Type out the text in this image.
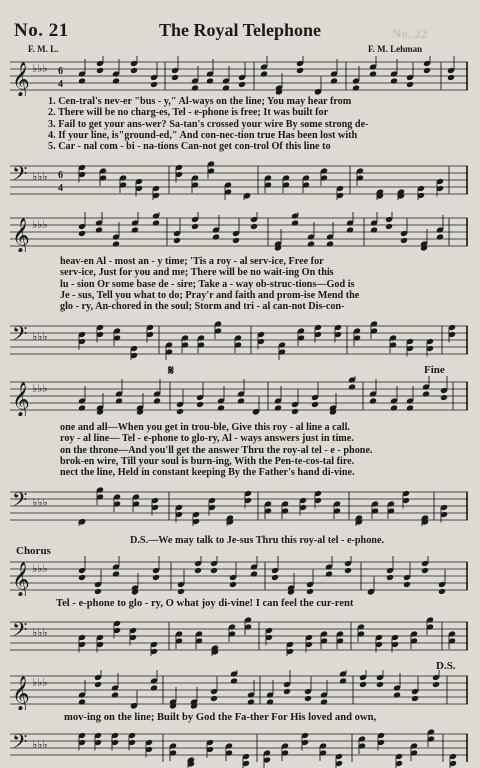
No. 21	The Royal Telephone	No. 22
F. M. L.	F. M. Lehman
𝄞 ♭♭♭ 6
4
1. Cen-tral's nev-er "bus - y," Al-ways on the line; You may hear from
2. There will be no charg-es, Tel - e-phone is free; It was built for
3. Fail to get your ans-wer? Sa-tan's crossed your wire By some strong de-
4. If your line, is"ground-ed," And con-nec-tion true Has been lost with
5. Car - nal com - bi - na-tions Can-not get con-trol Of this line to
𝄢 ♭♭♭ 6
4
𝄞 ♭♭♭
heav-en Al - most an - y time; 'Tis a roy - al serv-ice, Free for
serv-ice, Just for you and me; There will be no wait-ing On this
lu - sion Or some base de - sire; Take a - way ob-struc-tions—God is
Je - sus, Tell you what to do; Pray'r and faith and prom-ise Mend the
glo - ry, An-chored in the soul; Storm and tri - al can-not Dis-con-
𝄢 ♭♭♭
𝄋	Fine
𝄞 ♭♭♭
one and all—When you get in trou-ble, Give this roy - al line a call.
roy - al line— Tel - e-phone to glo-ry, Al - ways answers just in time.
on the throne—And you'll get the answer Thru the roy-al tel - e - phone.
brok-en wire, Till your soul is burn-ing, With the Pen-te-cos-tal fire.
nect the line, Held in constant keeping By the Father's hand di-vine.
𝄢 ♭♭♭
D.S.—We may talk to Je-sus Thru this roy-al tel - e-phone.
Chorus
𝄞 ♭♭♭
Tel - e-phone to glo - ry, O what joy di-vine! I can feel the cur-rent
𝄢 ♭♭♭
D.S.
𝄞 ♭♭♭
mov-ing on the line; Built by God the Fa-ther For His loved and own,
𝄢 ♭♭♭
